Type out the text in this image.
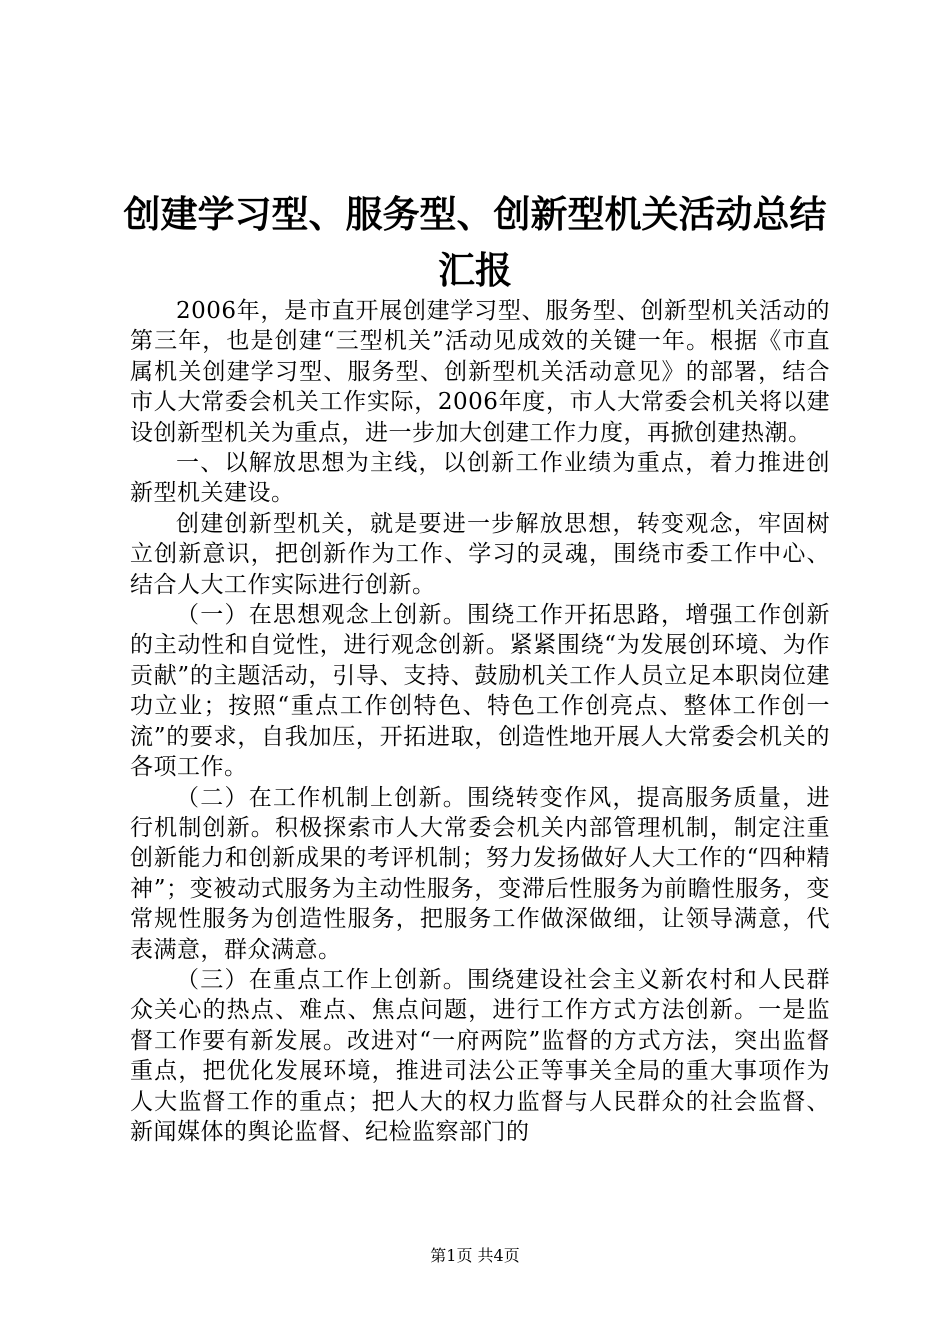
创建学习型、服务型、创新型机关活动总结汇报

2006年，是市直开展创建学习型、服务型、创新型机关活动的第三年，也是创建“三型机关”活动见成效的关键一年。根据《市直属机关创建学习型、服务型、创新型机关活动意见》的部署，结合市人大常委会机关工作实际，2006年度，市人大常委会机关将以建设创新型机关为重点，进一步加大创建工作力度，再掀创建热潮。

一、以解放思想为主线，以创新工作业绩为重点，着力推进创新型机关建设。

创建创新型机关，就是要进一步解放思想，转变观念，牢固树立创新意识，把创新作为工作、学习的灵魂，围绕市委工作中心、结合人大工作实际进行创新。

（一）在思想观念上创新。围绕工作开拓思路，增强工作创新的主动性和自觉性，进行观念创新。紧紧围绕“为发展创环境、为作贡献”的主题活动，引导、支持、鼓励机关工作人员立足本职岗位建功立业；按照“重点工作创特色、特色工作创亮点、整体工作创一流”的要求，自我加压，开拓进取，创造性地开展人大常委会机关的各项工作。

（二）在工作机制上创新。围绕转变作风，提高服务质量，进行机制创新。积极探索市人大常委会机关内部管理机制，制定注重创新能力和创新成果的考评机制；努力发扬做好人大工作的“四种精神”；变被动式服务为主动性服务，变滞后性服务为前瞻性服务，变常规性服务为创造性服务，把服务工作做深做细，让领导满意，代表满意，群众满意。

（三）在重点工作上创新。围绕建设社会主义新农村和人民群众关心的热点、难点、焦点问题，进行工作方式方法创新。一是监督工作要有新发展。改进对“一府两院”监督的方式方法，突出监督重点，把优化发展环境，推进司法公正等事关全局的重大事项作为人大监督工作的重点；把人大的权力监督与人民群众的社会监督、新闻媒体的舆论监督、纪检监察部门的

第1页 共4页
